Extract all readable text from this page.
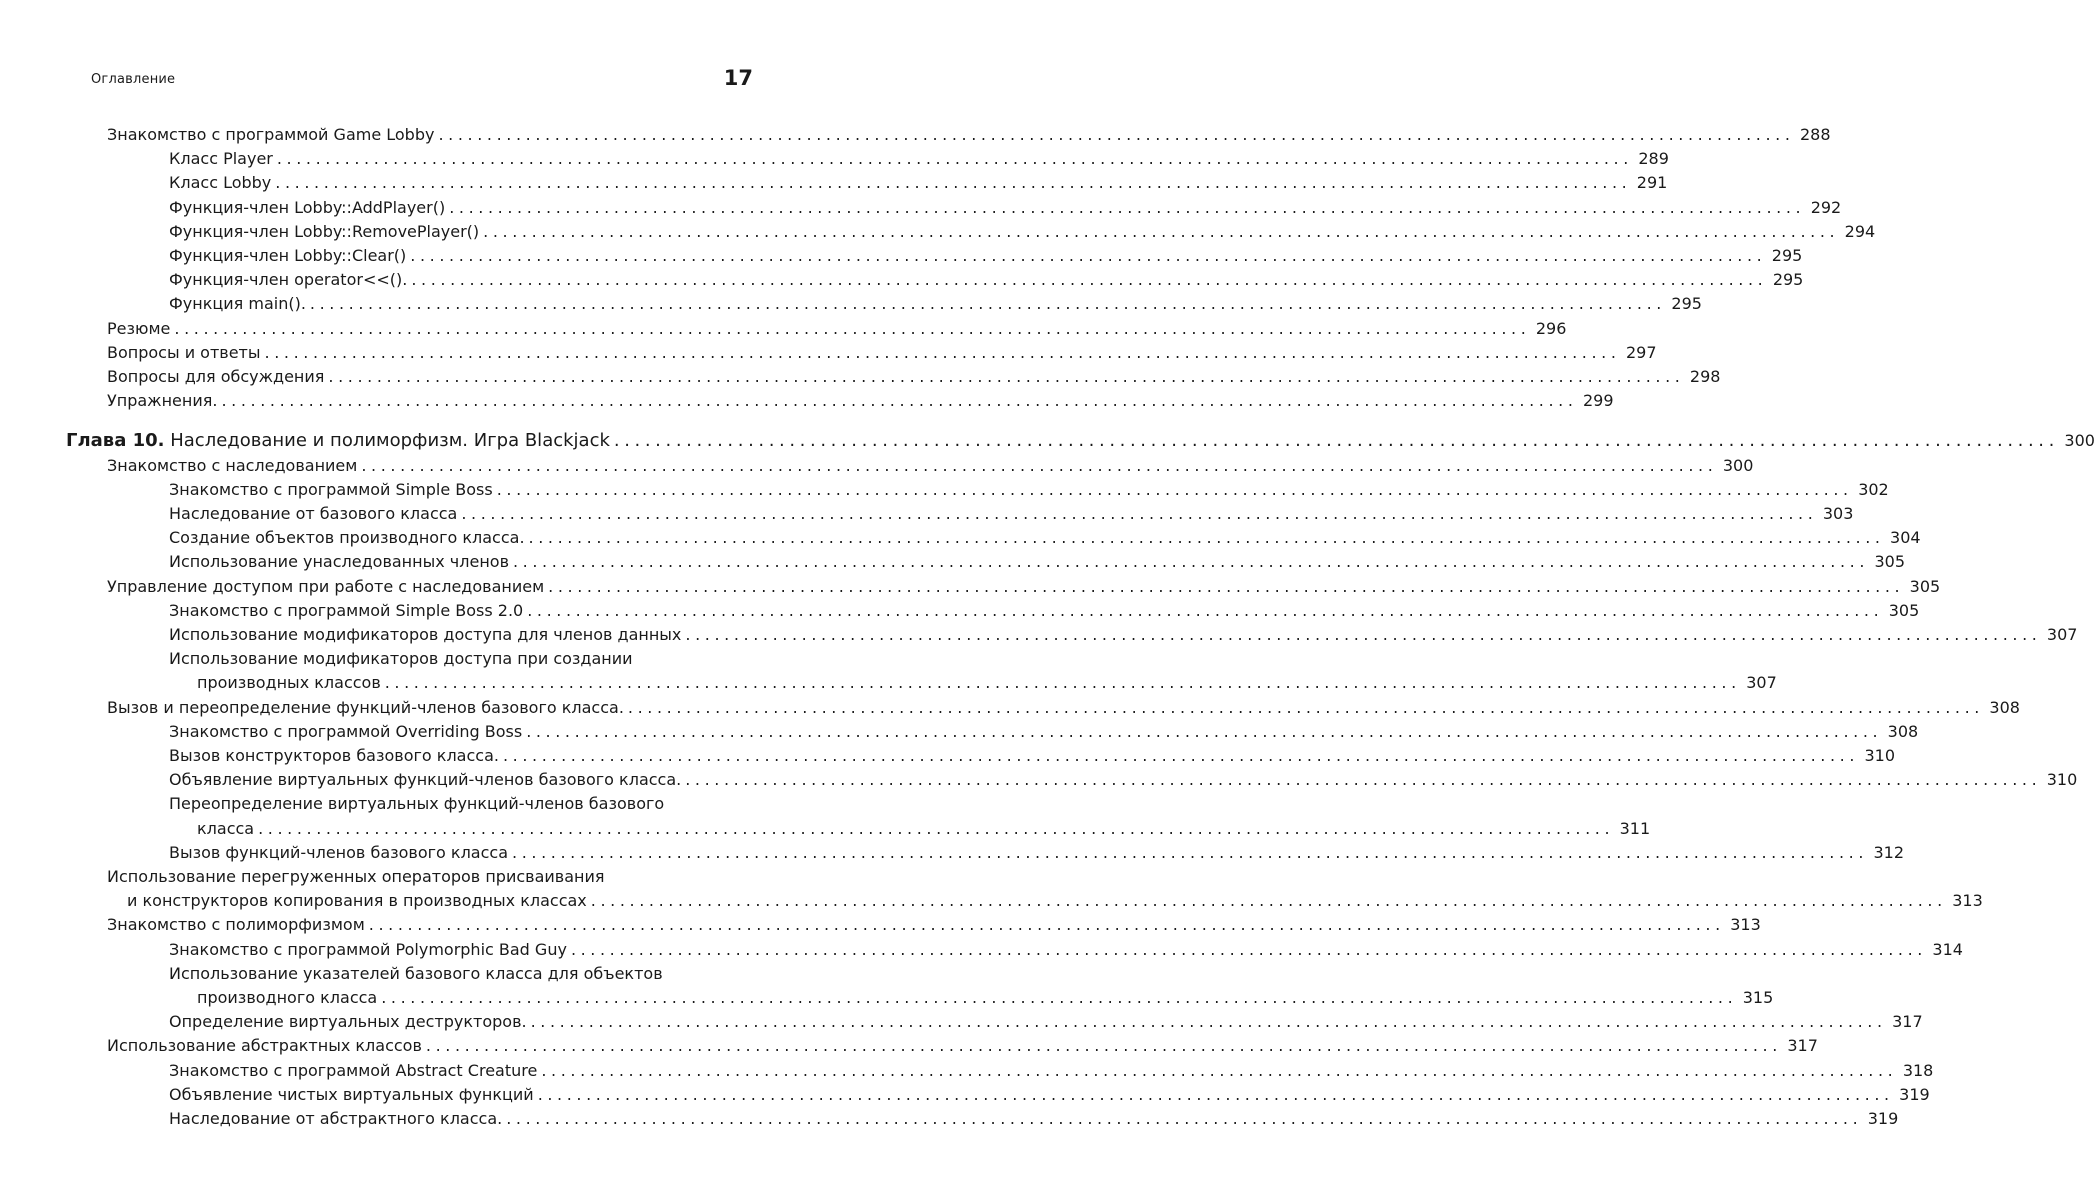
Оглавление	17
Знакомство с программой Game Lobby ............................................................................................................................................ 288
Класс Player ............................................................................................................................................ 289
Класс Lobby ............................................................................................................................................ 291
Функция-член Lobby::AddPlayer() ............................................................................................................................................ 292
Функция-член Lobby::RemovePlayer() ............................................................................................................................................ 294
Функция-член Lobby::Clear() ............................................................................................................................................ 295
Функция-член operator<<(). ............................................................................................................................................ 295
Функция main(). ............................................................................................................................................ 295
Резюме ............................................................................................................................................ 296
Вопросы и ответы ............................................................................................................................................ 297
Вопросы для обсуждения ............................................................................................................................................ 298
Упражнения. ............................................................................................................................................ 299
Глава 10. Наследование и полиморфизм. Игра Blackjack ............................................................................................................................................ 300
Знакомство с наследованием ............................................................................................................................................ 300
Знакомство с программой Simple Boss ............................................................................................................................................ 302
Наследование от базового класса ............................................................................................................................................ 303
Создание объектов производного класса. ............................................................................................................................................ 304
Использование унаследованных членов ............................................................................................................................................ 305
Управление доступом при работе с наследованием ............................................................................................................................................ 305
Знакомство с программой Simple Boss 2.0 ............................................................................................................................................ 305
Использование модификаторов доступа для членов данных ............................................................................................................................................ 307
Использование модификаторов доступа при создании
производных классов ............................................................................................................................................ 307
Вызов и переопределение функций-членов базового класса. ............................................................................................................................................ 308
Знакомство с программой Overriding Boss ............................................................................................................................................ 308
Вызов конструкторов базового класса. ............................................................................................................................................ 310
Объявление виртуальных функций-членов базового класса. ............................................................................................................................................ 310
Переопределение виртуальных функций-членов базового
класса ............................................................................................................................................ 311
Вызов функций-членов базового класса ............................................................................................................................................ 312
Использование перегруженных операторов присваивания
и конструкторов копирования в производных классах ............................................................................................................................................ 313
Знакомство с полиморфизмом ............................................................................................................................................ 313
Знакомство с программой Polymorphic Bad Guy ............................................................................................................................................ 314
Использование указателей базового класса для объектов
производного класса ............................................................................................................................................ 315
Определение виртуальных деструкторов. ............................................................................................................................................ 317
Использование абстрактных классов ............................................................................................................................................ 317
Знакомство с программой Abstract Creature ............................................................................................................................................ 318
Объявление чистых виртуальных функций ............................................................................................................................................ 319
Наследование от абстрактного класса. ............................................................................................................................................ 319
